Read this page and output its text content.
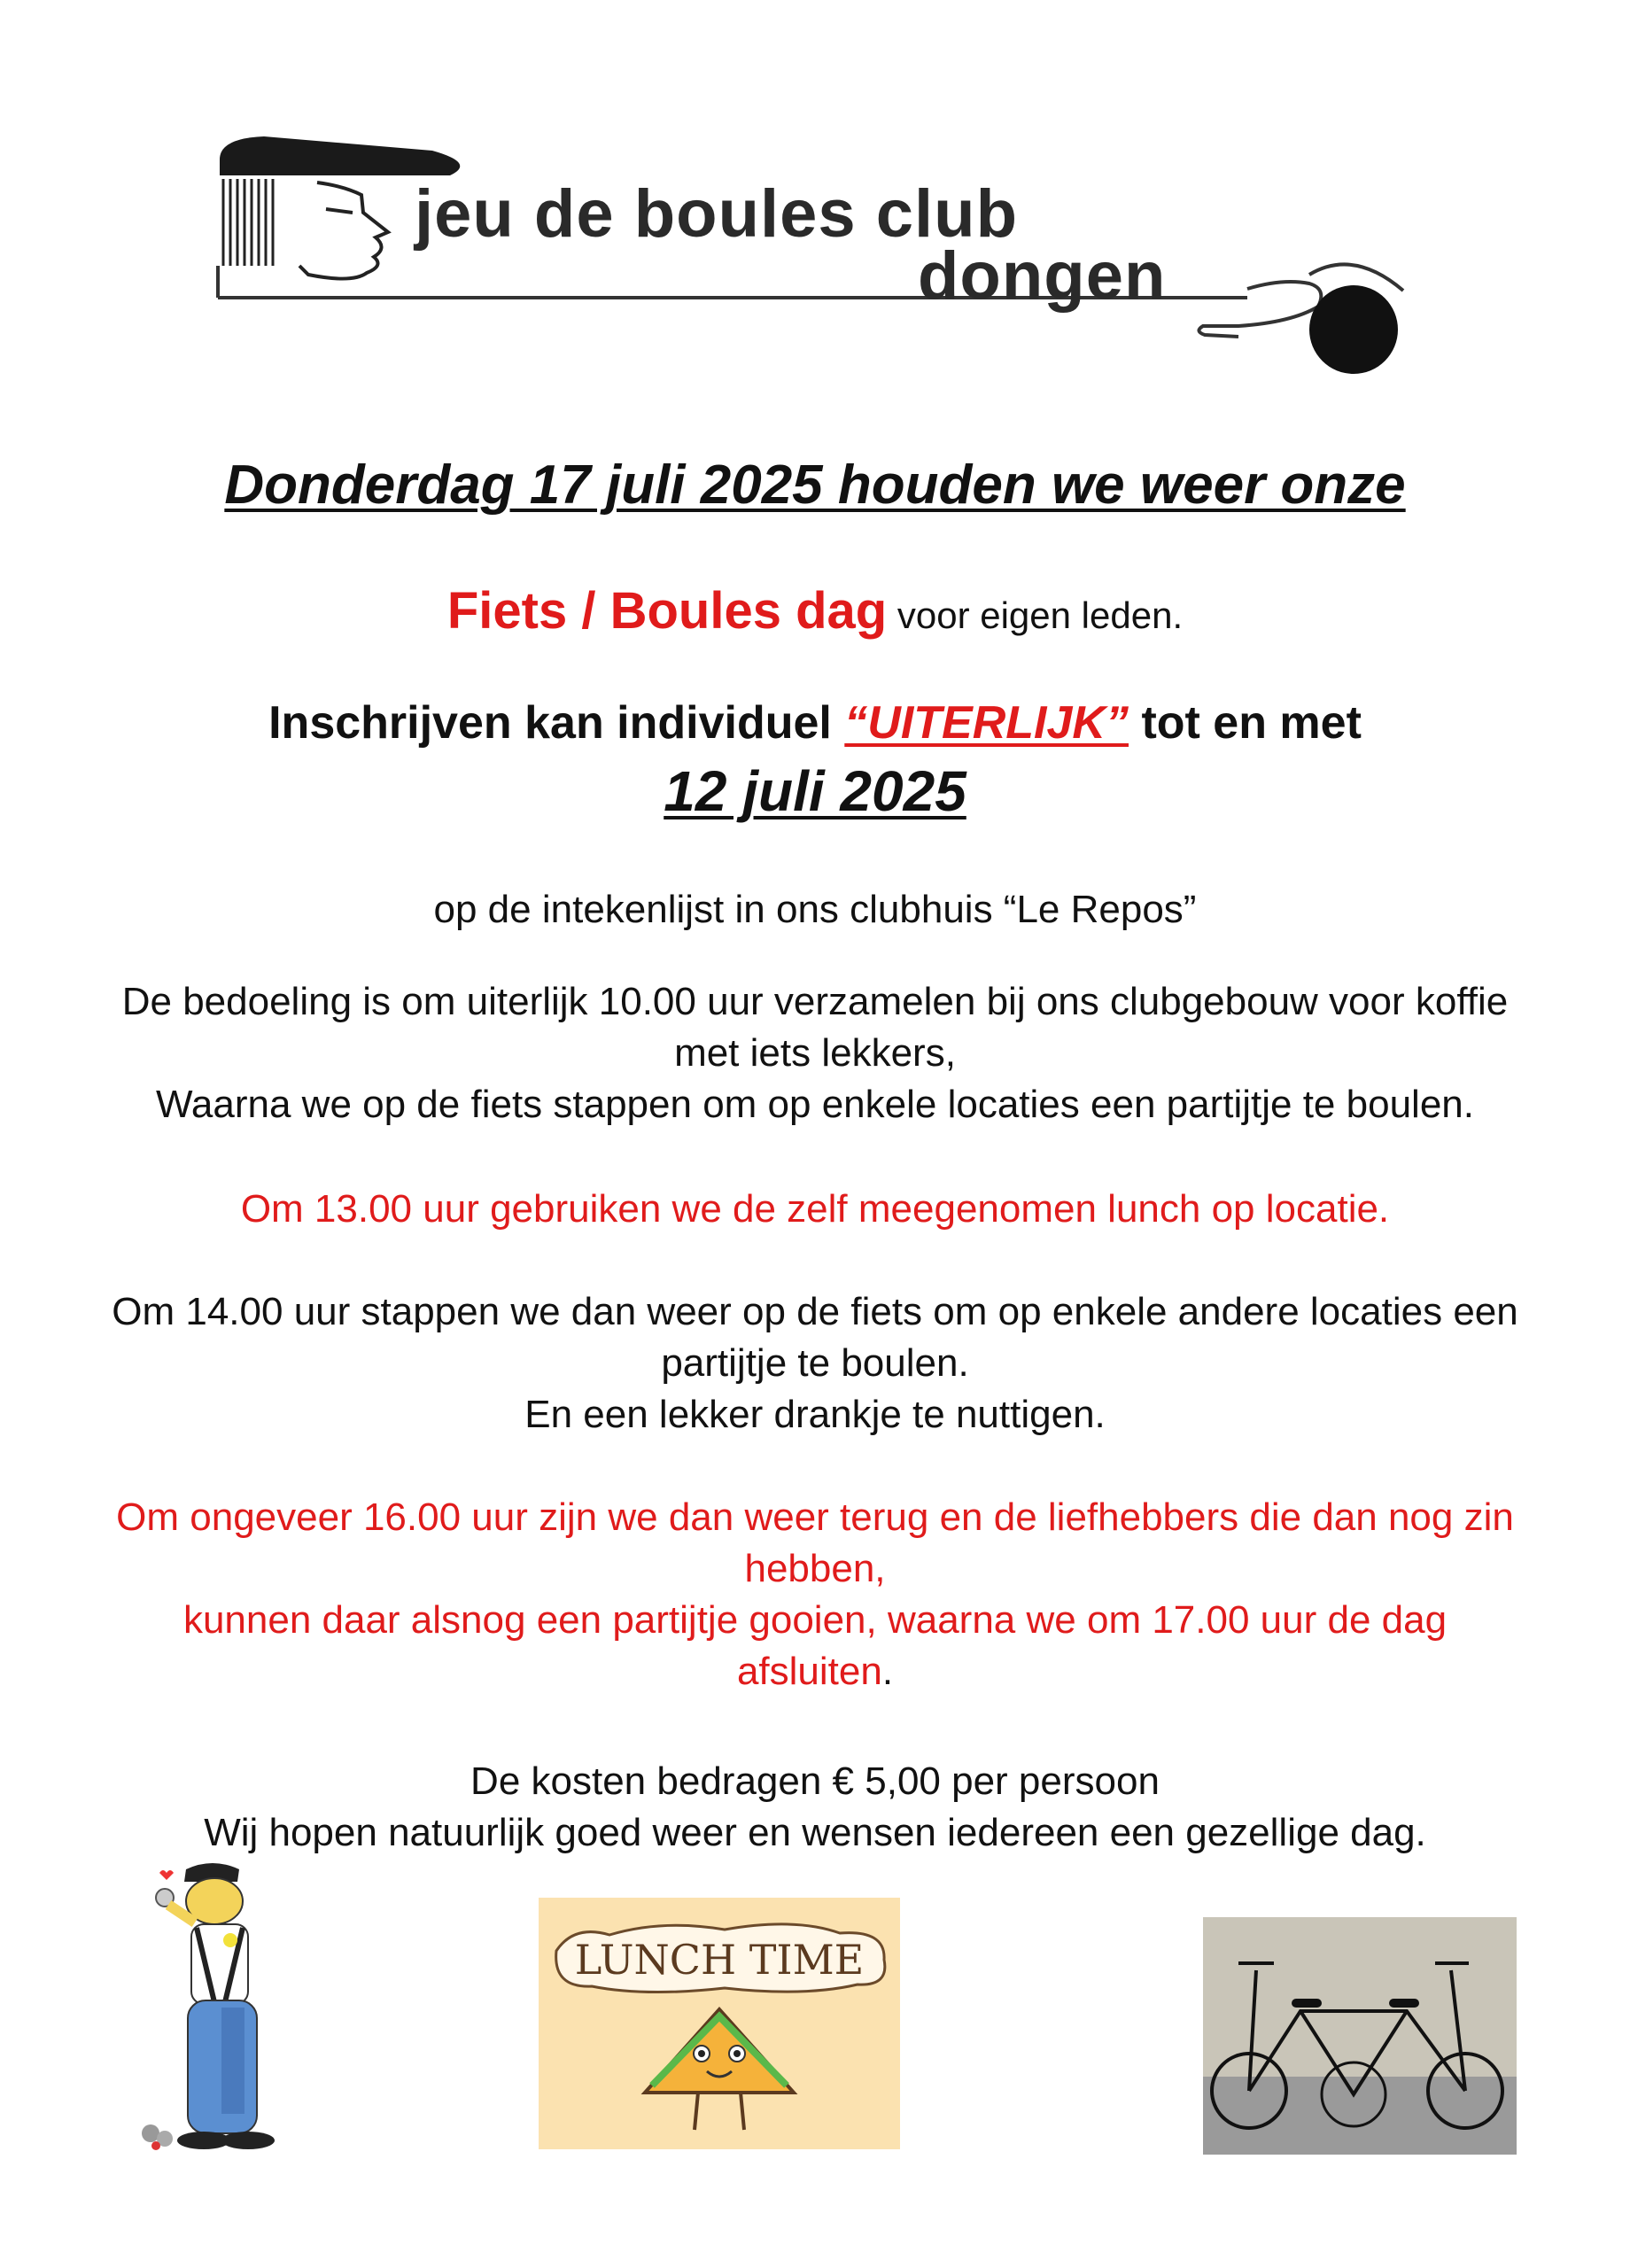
jeu de boules club
dongen
Donderdag 17 juli 2025 houden we weer onze
Fiets / Boules dag voor eigen leden.
Inschrijven kan individuel “UITERLIJK” tot en met
12 juli 2025
op de intekenlijst in ons clubhuis “Le Repos”
De bedoeling is om uiterlijk 10.00 uur verzamelen bij ons clubgebouw voor koffie
met iets lekkers,
Waarna we op de fiets stappen om op enkele locaties een partijtje te boulen.
Om 13.00 uur gebruiken we de zelf meegenomen lunch op locatie.
Om 14.00 uur stappen we dan weer op de fiets om op enkele andere locaties een
partijtje te boulen.
En een lekker drankje te nuttigen.
Om ongeveer 16.00 uur zijn we dan weer terug en de liefhebbers die dan nog zin
hebben,
kunnen daar alsnog een partijtje gooien, waarna we om 17.00 uur de dag
afsluiten.
De kosten bedragen € 5,00 per persoon
Wij hopen natuurlijk goed weer en wensen iedereen een gezellige dag.
LUNCH TIME
